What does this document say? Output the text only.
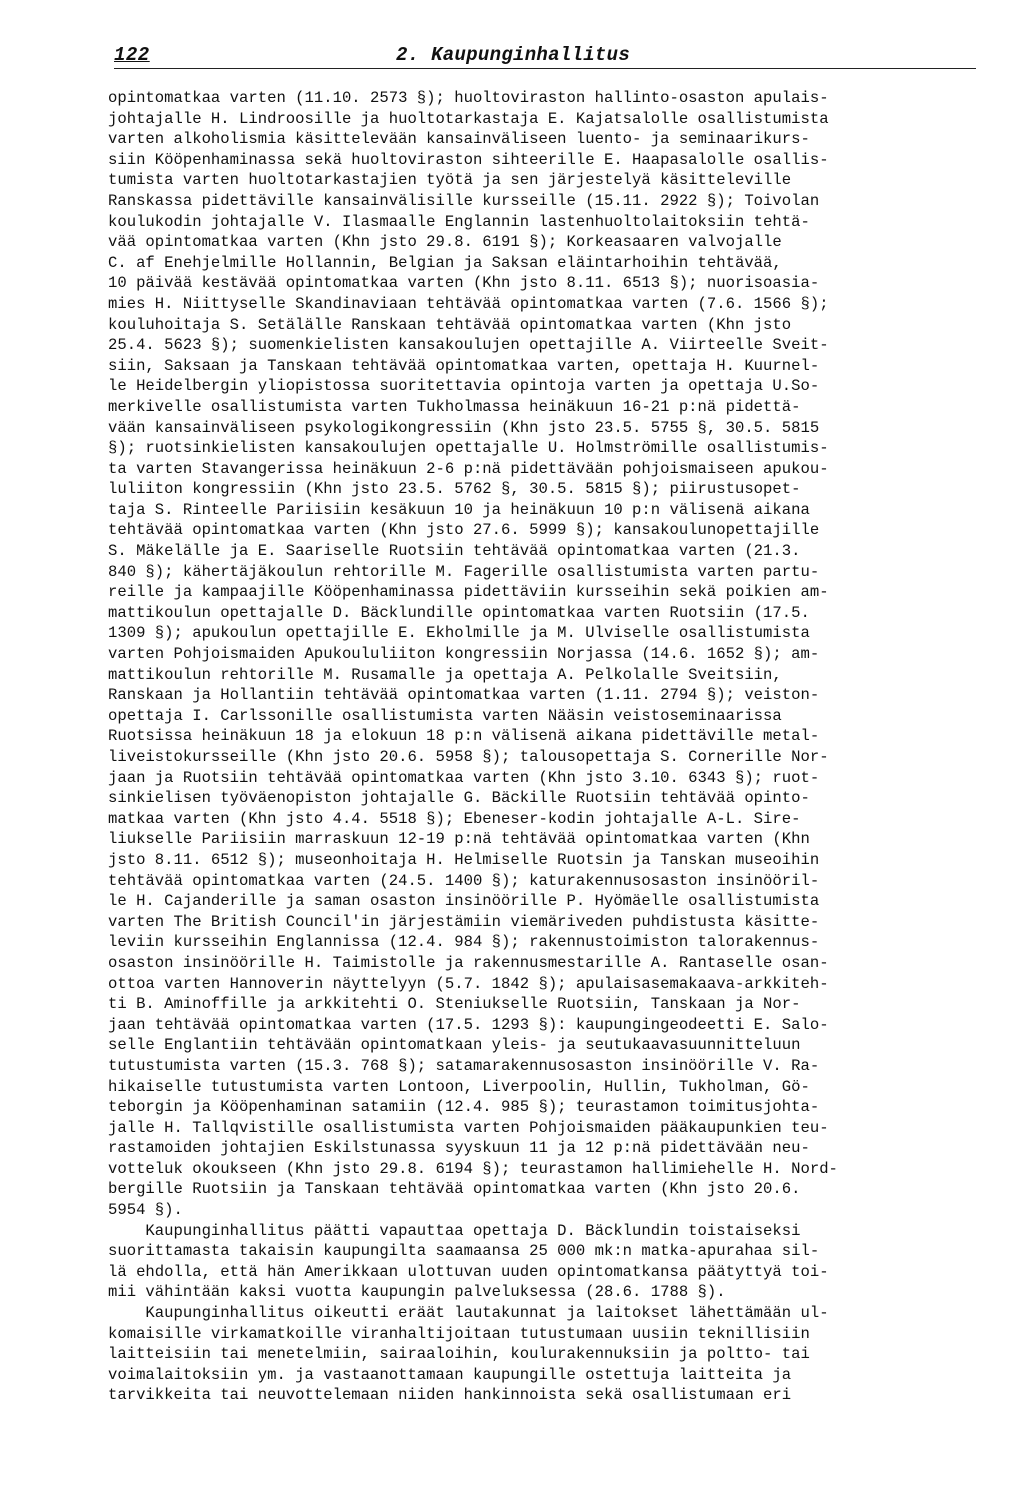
122	2. Kaupunginhallitus
opintomatkaa varten (11.10. 2573 §); huoltoviraston hallinto-osaston apulais-
johtajalle H. Lindroosille ja huoltotarkastaja E. Kajatsalolle osallistumista
varten alkoholismia käsittelevään kansainväliseen luento- ja seminaarikurs-
siin Kööpenhaminassa sekä huoltoviraston sihteerille E. Haapasalolle osallis-
tumista varten huoltotarkastajien työtä ja sen järjestelyä käsitteleville
Ranskassa pidettäville kansainvälisille kursseille (15.11. 2922 §); Toivolan
koulukodin johtajalle V. Ilasmaalle Englannin lastenhuoltolaitoksiin tehtä-
vää opintomatkaa varten (Khn jsto 29.8. 6191 §); Korkeasaaren valvojalle
C. af Enehjelmille Hollannin, Belgian ja Saksan eläintarhoihin tehtävää,
10 päivää kestävää opintomatkaa varten (Khn jsto 8.11. 6513 §); nuorisoasia-
mies H. Niittyselle Skandinaviaan tehtävää opintomatkaa varten (7.6. 1566 §);
kouluhoitaja S. Setälälle Ranskaan tehtävää opintomatkaa varten (Khn jsto
25.4. 5623 §); suomenkielisten kansakoulujen opettajille A. Viirteelle Sveit-
siin, Saksaan ja Tanskaan tehtävää opintomatkaa varten, opettaja H. Kuurnel-
le Heidelbergin yliopistossa suoritettavia opintoja varten ja opettaja U.So-
merkivelle osallistumista varten Tukholmassa heinäkuun 16-21 p:nä pidettä-
vään kansainväliseen psykologikongressiin (Khn jsto 23.5. 5755 §, 30.5. 5815
§); ruotsinkielisten kansakoulujen opettajalle U. Holmströmille osallistumis-
ta varten Stavangerissa heinäkuun 2-6 p:nä pidettävään pohjoismaiseen apukou-
luliiton kongressiin (Khn jsto 23.5. 5762 §, 30.5. 5815 §); piirustusopet-
taja S. Rinteelle Pariisiin kesäkuun 10 ja heinäkuun 10 p:n välisenä aikana
tehtävää opintomatkaa varten (Khn jsto 27.6. 5999 §); kansakoulunopettajille
S. Mäkelälle ja E. Saariselle Ruotsiin tehtävää opintomatkaa varten (21.3.
840 §); kähertäjäkoulun rehtorille M. Fagerille osallistumista varten partu-
reille ja kampaajille Kööpenhaminassa pidettäviin kursseihin sekä poikien am-
mattikoulun opettajalle D. Bäcklundille opintomatkaa varten Ruotsiin (17.5.
1309 §); apukoulun opettajille E. Ekholmille ja M. Ulviselle osallistumista
varten Pohjoismaiden Apukoululiiton kongressiin Norjassa (14.6. 1652 §); am-
mattikoulun rehtorille M. Rusamalle ja opettaja A. Pelkolalle Sveitsiin,
Ranskaan ja Hollantiin tehtävää opintomatkaa varten (1.11. 2794 §); veiston-
opettaja I. Carlssonille osallistumista varten Nääsin veistoseminaarissa
Ruotsissa heinäkuun 18 ja elokuun 18 p:n välisenä aikana pidettäville metal-
liveistokursseille (Khn jsto 20.6. 5958 §); talousopettaja S. Cornerille Nor-
jaan ja Ruotsiin tehtävää opintomatkaa varten (Khn jsto 3.10. 6343 §); ruot-
sinkielisen työväenopiston johtajalle G. Bäckille Ruotsiin tehtävää opinto-
matkaa varten (Khn jsto 4.4. 5518 §); Ebeneser-kodin johtajalle A-L. Sire-
liukselle Pariisiin marraskuun 12-19 p:nä tehtävää opintomatkaa varten (Khn
jsto 8.11. 6512 §); museonhoitaja H. Helmiselle Ruotsin ja Tanskan museoihin
tehtävää opintomatkaa varten (24.5. 1400 §); katurakennusosaston insinööril-
le H. Cajanderille ja saman osaston insinöörille P. Hyömäelle osallistumista
varten The British Council'in järjestämiin viemäriveden puhdistusta käsitte-
leviin kursseihin Englannissa (12.4. 984 §); rakennustoimiston talorakennus-
osaston insinöörille H. Taimistolle ja rakennusmestarille A. Rantaselle osan-
ottoa varten Hannoverin näyttelyyn (5.7. 1842 §); apulaisasemakaava-arkkiteh-
ti B. Aminoffille ja arkkitehti O. Steniukselle Ruotsiin, Tanskaan ja Nor-
jaan tehtävää opintomatkaa varten (17.5. 1293 §): kaupungingeodeetti E. Salo-
selle Englantiin tehtävään opintomatkaan yleis- ja seutukaavasuunnitteluun
tutustumista varten (15.3. 768 §); satamarakennusosaston insinöörille V. Ra-
hikaiselle tutustumista varten Lontoon, Liverpoolin, Hullin, Tukholman, Gö-
teborgin ja Kööpenhaminan satamiin (12.4. 985 §); teurastamon toimitusjohta-
jalle H. Tallqvistille osallistumista varten Pohjoismaiden pääkaupunkien teu-
rastamoiden johtajien Eskilstunassa syyskuun 11 ja 12 p:nä pidettävään neu-
votteluk okoukseen (Khn jsto 29.8. 6194 §); teurastamon hallimiehelle H. Nord-
bergille Ruotsiin ja Tanskaan tehtävää opintomatkaa varten (Khn jsto 20.6.
5954 §).
Kaupunginhallitus päätti vapauttaa opettaja D. Bäcklundin toistaiseksi
suorittamasta takaisin kaupungilta saamaansa 25 000 mk:n matka-apurahaa sil-
lä ehdolla, että hän Amerikkaan ulottuvan uuden opintomatkansa päätyttyä toi-
mii vähintään kaksi vuotta kaupungin palveluksessa (28.6. 1788 §).
Kaupunginhallitus oikeutti eräät lautakunnat ja laitokset lähettämään ul-
komaisille virkamatkoille viranhaltijoitaan tutustumaan uusiin teknillisiin
laitteisiin tai menetelmiin, sairaaloihin, koulurakennuksiin ja poltto- tai
voimalaitoksiin ym. ja vastaanottamaan kaupungille ostettuja laitteita ja
tarvikkeita tai neuvottelemaan niiden hankinnoista sekä osallistumaan eri
